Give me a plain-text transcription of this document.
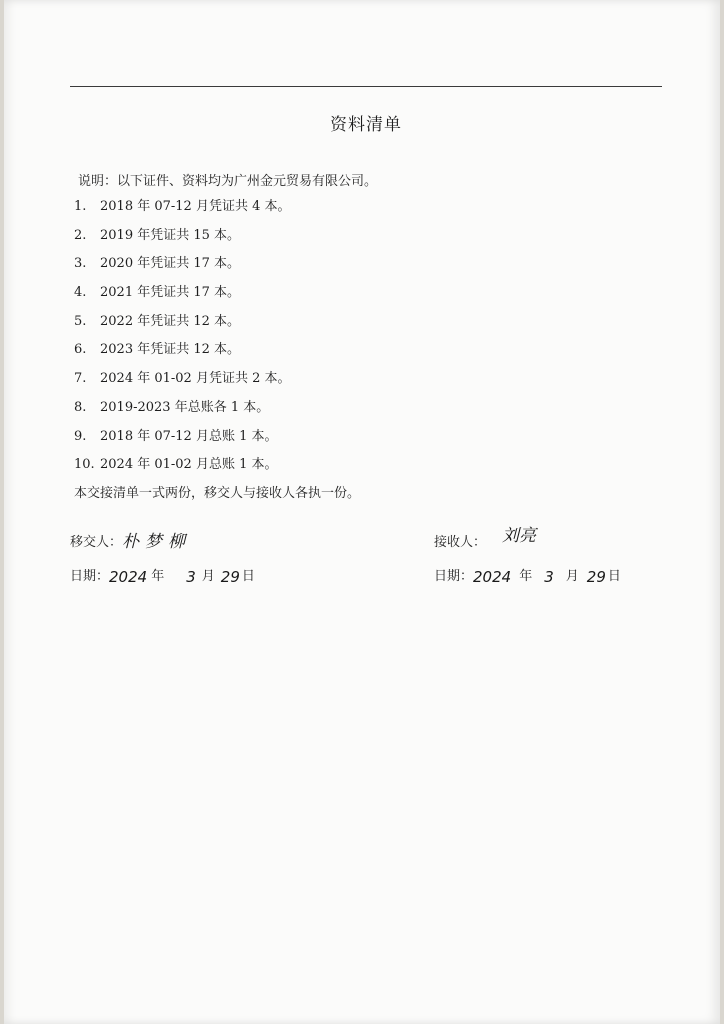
资料清单

说明：以下证件、资料均为广州金元贸易有限公司。

1.	2018 年 07-12 月凭证共 4 本。
2.	2019 年凭证共 15 本。
3.	2020 年凭证共 17 本。
4.	2021 年凭证共 17 本。
5.	2022 年凭证共 12 本。
6.	2023 年凭证共 12 本。
7.	2024 年 01-02 月凭证共 2 本。
8.	2019-2023 年总账各 1 本。
9.	2018 年 07-12 月总账 1 本。
10. 2024 年 01-02 月总账 1 本。

本交接清单一式两份，移交人与接收人各执一份。

移交人： 朴梦柳
日期： 2024 年 3 月 29 日
接收人： 刘亮
日期： 2024 年 3 月 29 日
